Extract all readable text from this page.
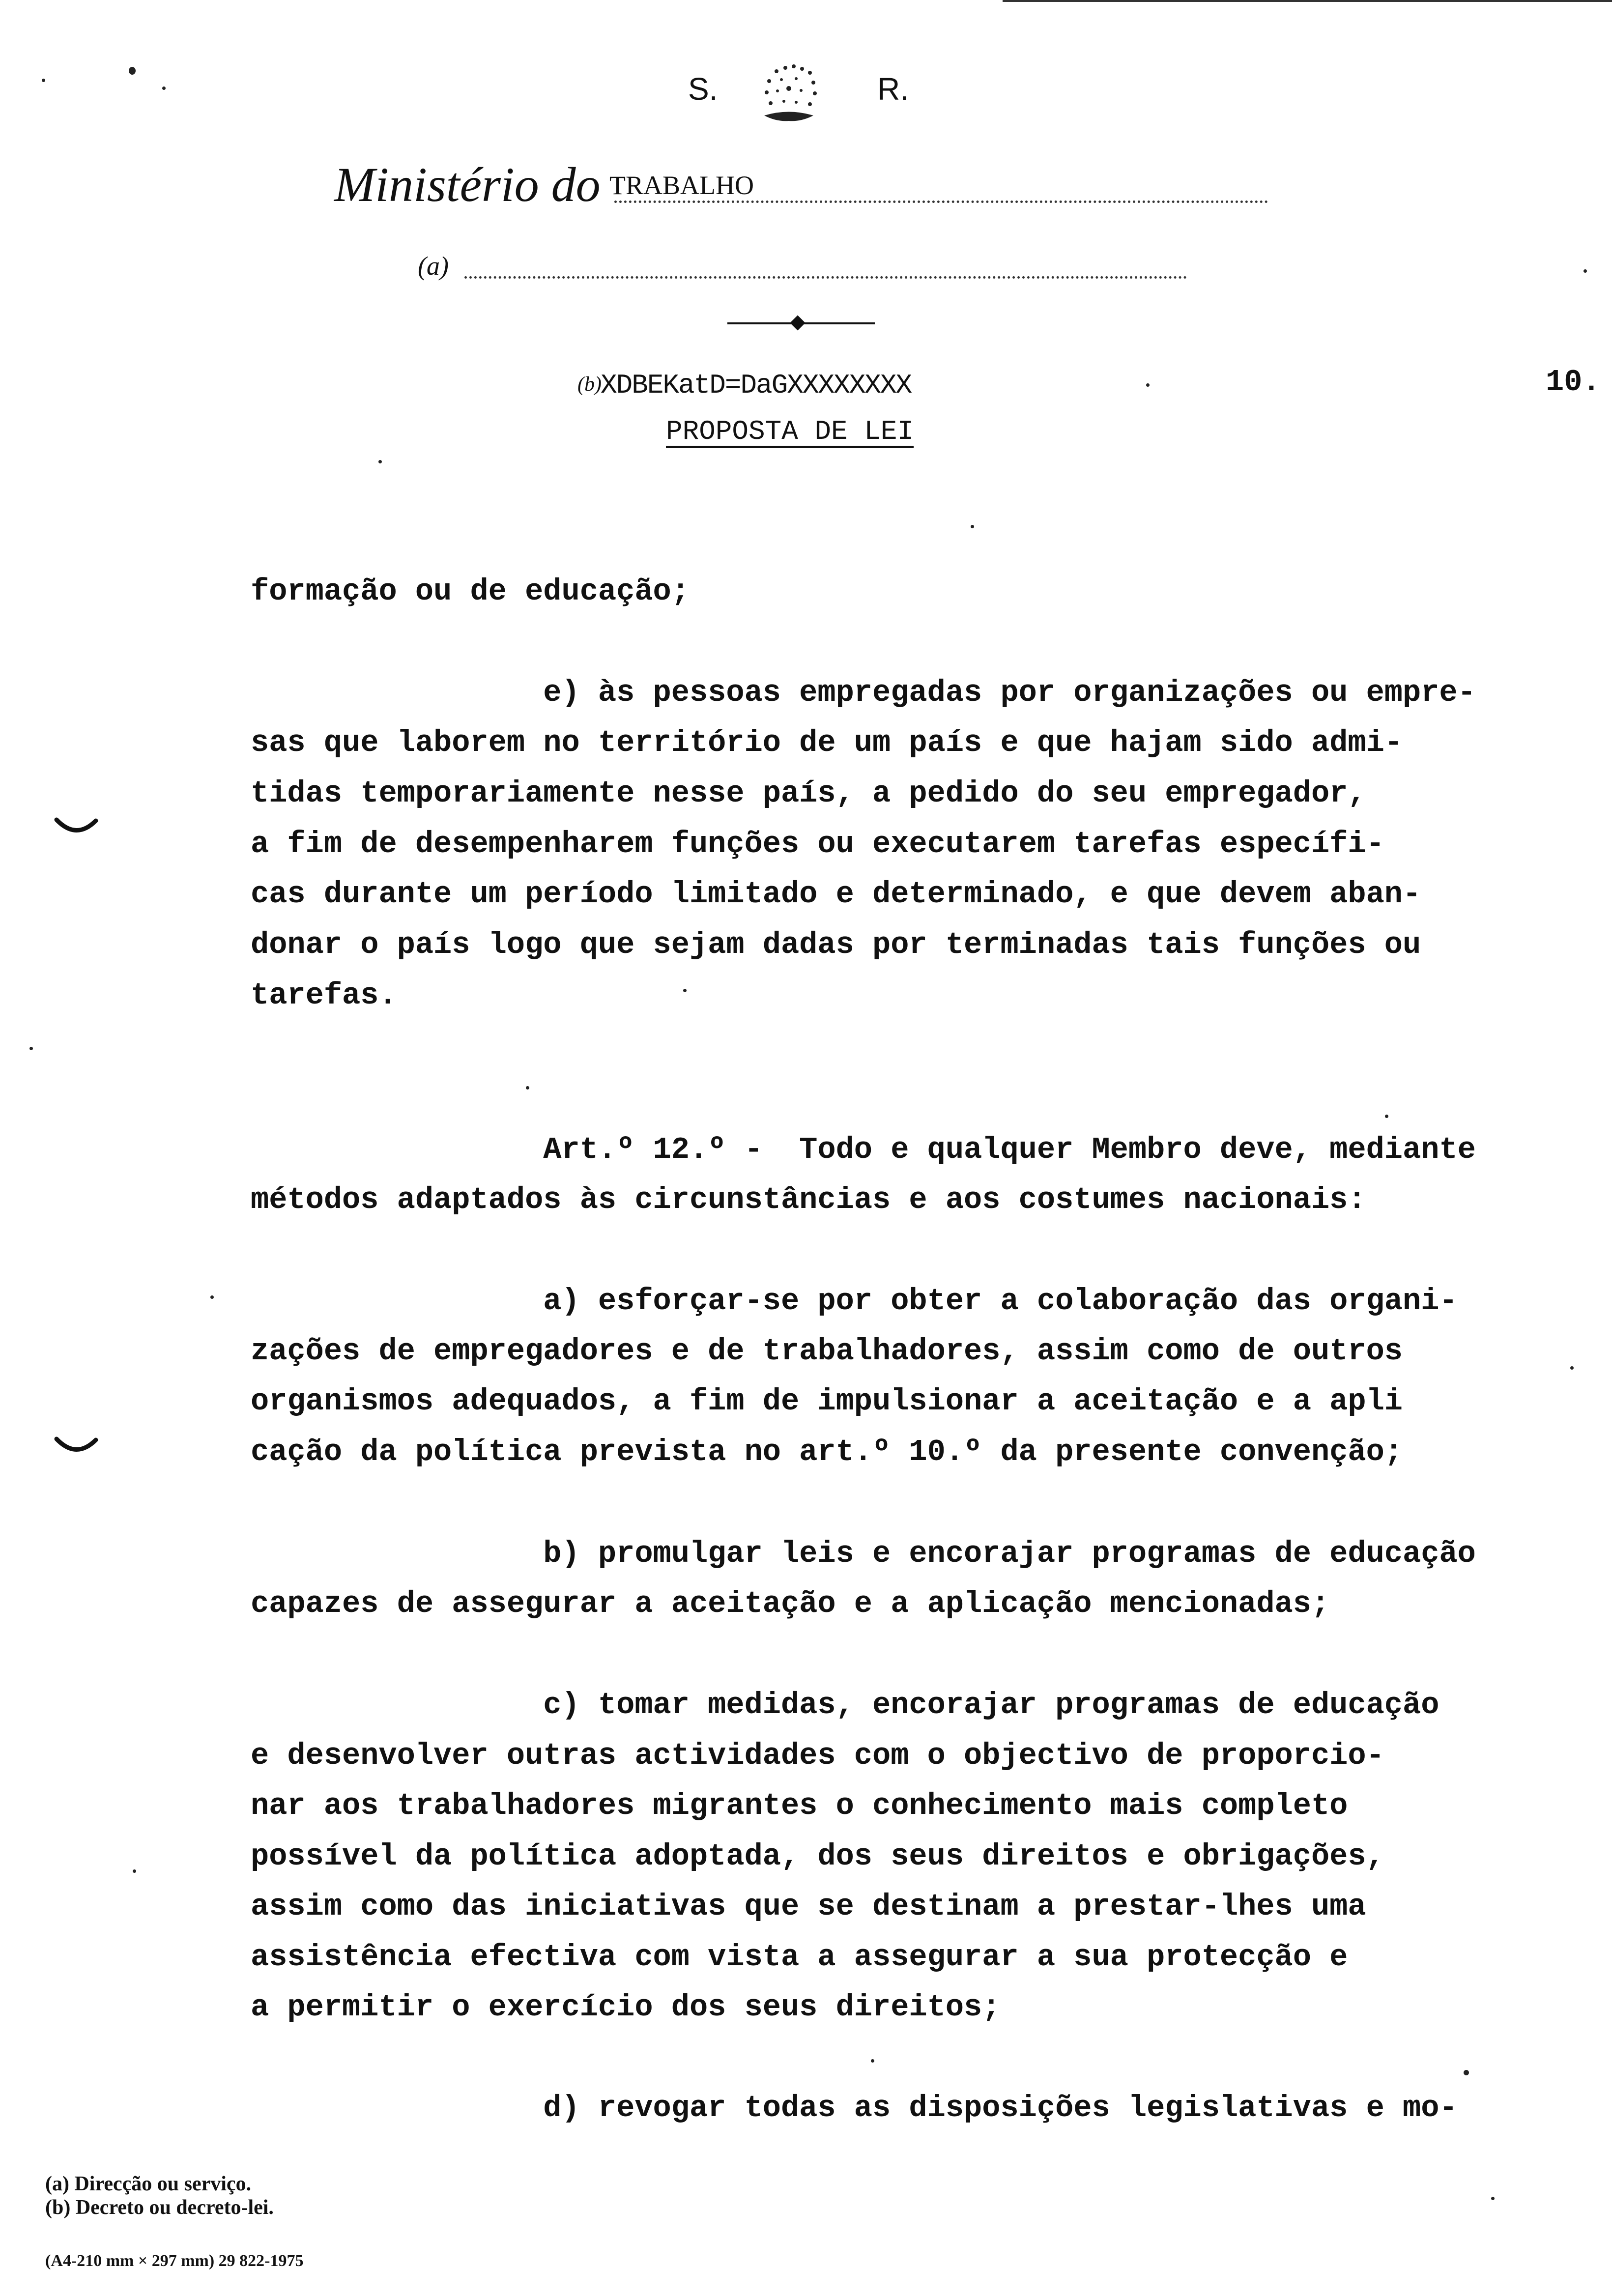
S.	R.
Ministério do TRABALHO
(a)
(b)
XDBEKatD=DaGXXXXXXXX	10.
PROPOSTA DE LEI
formação ou de educação;
e) às pessoas empregadas por organizações ou empre-
sas que laborem no território de um país e que hajam sido admi-
tidas temporariamente nesse país, a pedido do seu empregador,
a fim de desempenharem funções ou executarem tarefas específi-
cas durante um período limitado e determinado, e que devem aban-
donar o país logo que sejam dadas por terminadas tais funções ou
tarefas.
Art.º 12.º -  Todo e qualquer Membro deve, mediante
métodos adaptados às circunstâncias e aos costumes nacionais:
a) esforçar-se por obter a colaboração das organi-
zações de empregadores e de trabalhadores, assim como de outros
organismos adequados, a fim de impulsionar a aceitação e a apli
cação da política prevista no art.º 10.º da presente convenção;
b) promulgar leis e encorajar programas de educação
capazes de assegurar a aceitação e a aplicação mencionadas;
c) tomar medidas, encorajar programas de educação
e desenvolver outras actividades com o objectivo de proporcio-
nar aos trabalhadores migrantes o conhecimento mais completo
possível da política adoptada, dos seus direitos e obrigações,
assim como das iniciativas que se destinam a prestar-lhes uma
assistência efectiva com vista a assegurar a sua protecção e
a permitir o exercício dos seus direitos;
d) revogar todas as disposições legislativas e mo-
(a) Direcção ou serviço.
(b) Decreto ou decreto-lei.
(A4-210 mm × 297 mm) 29 822-1975
